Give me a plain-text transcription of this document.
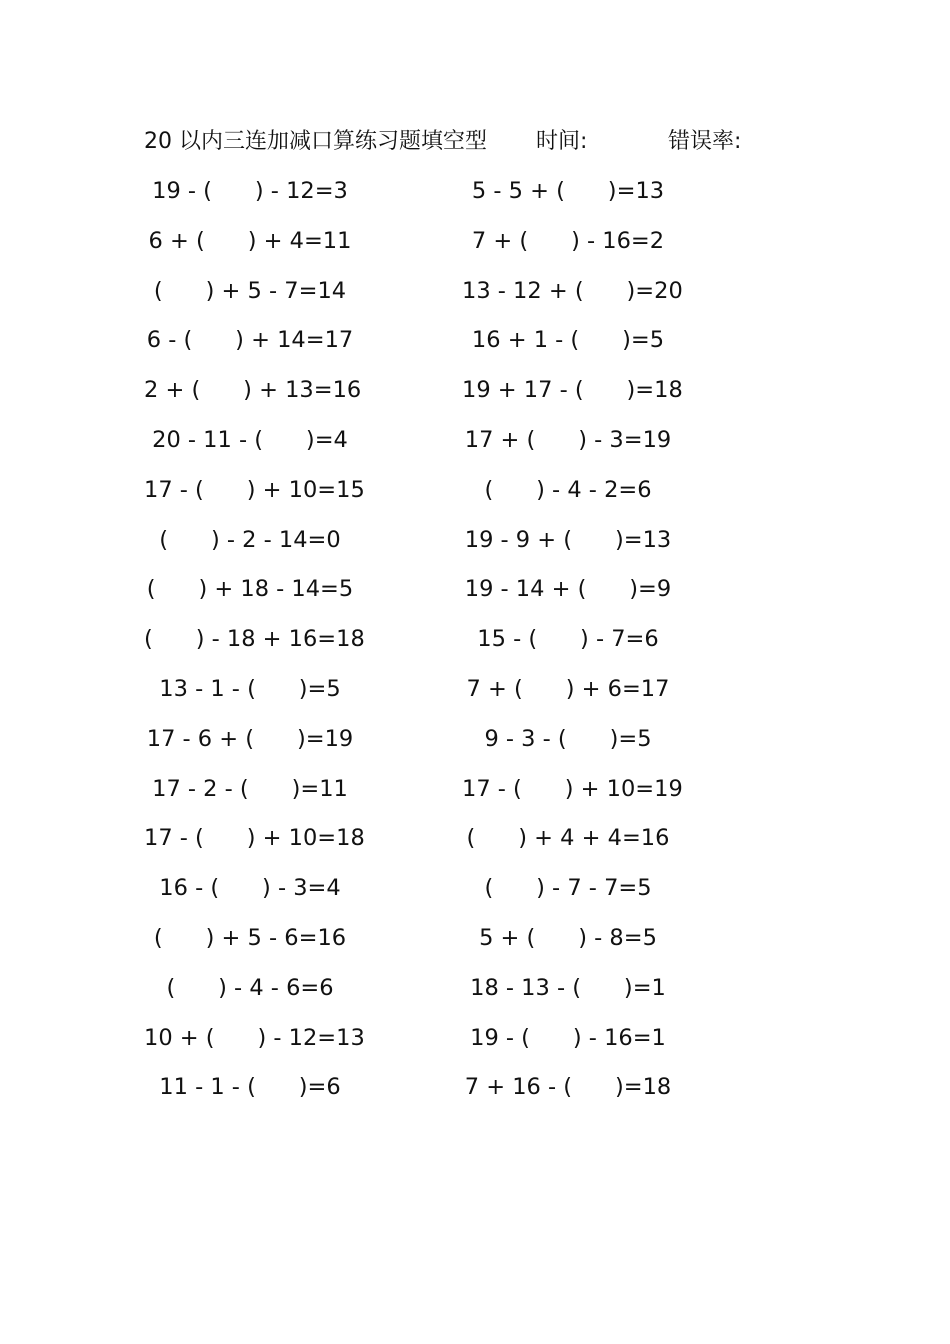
20 以内三连加减口算练习题填空型 时间:	错误率:
19 - (      ) - 12=3
6 + (      ) + 4=11
(      ) + 5 - 7=14
6 - (      ) + 14=17
2 + (      ) + 13=16
20 - 11 - (      )=4
17 - (      ) + 10=15
(      ) - 2 - 14=0
(      ) + 18 - 14=5
(      ) - 18 + 16=18
13 - 1 - (      )=5
17 - 6 + (      )=19
17 - 2 - (      )=11
17 - (      ) + 10=18
16 - (      ) - 3=4
(      ) + 5 - 6=16
(      ) - 4 - 6=6
10 + (      ) - 12=13
11 - 1 - (      )=6
5 - 5 + (      )=13
7 + (      ) - 16=2
13 - 12 + (      )=20
16 + 1 - (      )=5
19 + 17 - (      )=18
17 + (      ) - 3=19
(      ) - 4 - 2=6
19 - 9 + (      )=13
19 - 14 + (      )=9
15 - (      ) - 7=6
7 + (      ) + 6=17
9 - 3 - (      )=5
17 - (      ) + 10=19
(      ) + 4 + 4=16
(      ) - 7 - 7=5
5 + (      ) - 8=5
18 - 13 - (      )=1
19 - (      ) - 16=1
7 + 16 - (      )=18
